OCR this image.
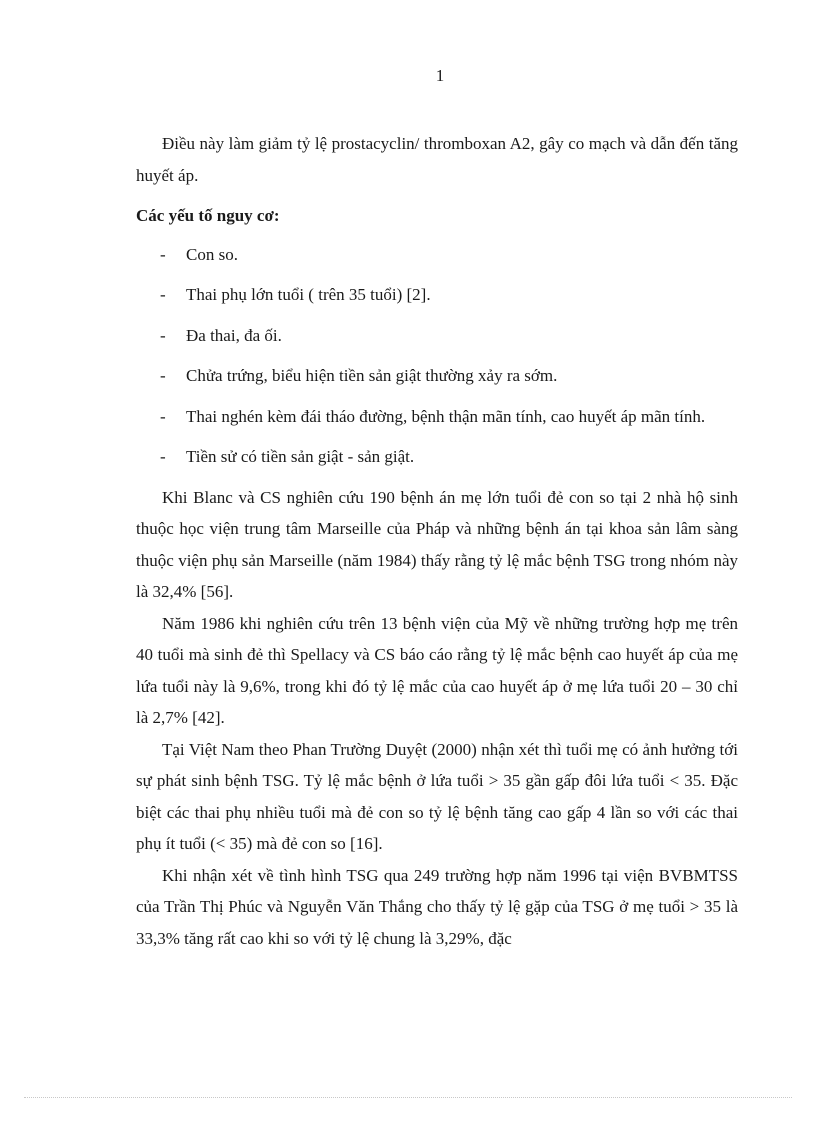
1

Điều này làm giảm tỷ lệ prostacyclin/ thromboxan A2, gây co mạch và dẫn đến tăng huyết áp.

Các yếu tố nguy cơ:

- Con so.
- Thai phụ lớn tuổi ( trên 35 tuổi) [2].
- Đa thai, đa ối.
- Chửa trứng, biểu hiện tiền sản giật thường xảy ra sớm.

- Thai nghén kèm đái tháo đường, bệnh thận mãn tính, cao huyết áp mãn tính.

- Tiền sử có tiền sản giật - sản giật.

Khi Blanc và CS nghiên cứu 190 bệnh án mẹ lớn tuổi đẻ con so tại 2 nhà hộ sinh thuộc học viện trung tâm Marseille của Pháp và những bệnh án tại khoa sản lâm sàng thuộc viện phụ sản Marseille (năm 1984) thấy rằng tỷ lệ mắc bệnh TSG trong nhóm này là 32,4% [56].

Năm 1986 khi nghiên cứu trên 13 bệnh viện của Mỹ về những trường hợp mẹ trên 40 tuổi mà sinh đẻ thì Spellacy và CS báo cáo rằng tỷ lệ mắc bệnh cao huyết áp của mẹ lứa tuổi này là 9,6%, trong khi đó tỷ lệ mắc của cao huyết áp ở mẹ lứa tuổi 20 – 30 chỉ là 2,7% [42].

Tại Việt Nam theo Phan Trường Duyệt (2000) nhận xét thì tuổi mẹ có ảnh hưởng tới sự phát sinh bệnh TSG. Tỷ lệ mắc bệnh ở lứa tuổi > 35 gần gấp đôi lứa tuổi < 35. Đặc biệt các thai phụ nhiều tuổi mà đẻ con so tỷ lệ bệnh tăng cao gấp 4 lần so với các thai phụ ít tuổi (< 35) mà đẻ con so [16].

Khi nhận xét về tình hình TSG qua 249 trường hợp năm 1996 tại viện BVBMTSS của Trần Thị Phúc và Nguyễn Văn Thắng cho thấy tỷ lệ gặp của TSG ở mẹ tuổi > 35 là 33,3% tăng rất cao khi so với tỷ lệ chung là 3,29%, đặc
